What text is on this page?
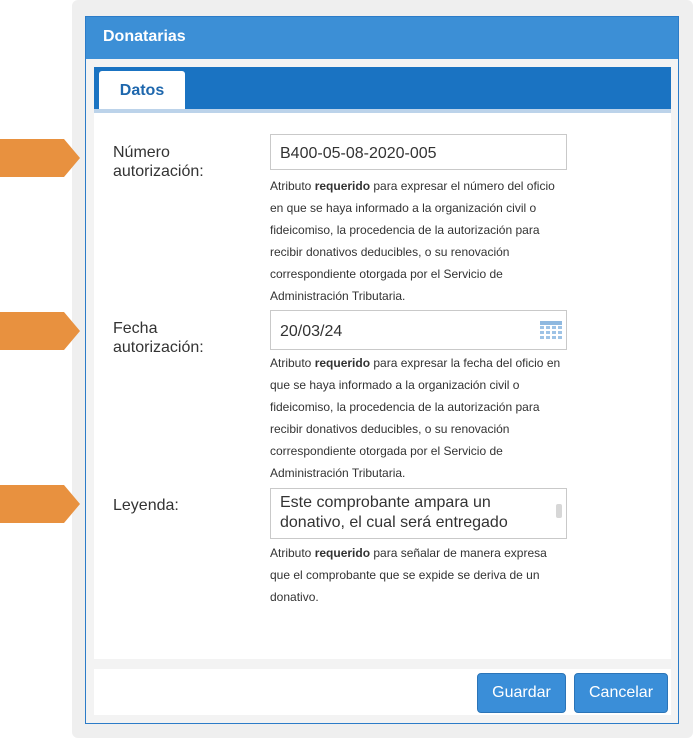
Donatarias
Datos
Número
autorización:
B400-05-08-2020-005
Atributo requerido para expresar el número del oficio en que se haya informado a la organización civil o fideicomiso, la procedencia de la autorización para recibir donativos deducibles, o su renovación correspondiente otorgada por el Servicio de Administración Tributaria.
Fecha
autorización:
20/03/24
Atributo requerido para expresar la fecha del oficio en que se haya informado a la organización civil o fideicomiso, la procedencia de la autorización para recibir donativos deducibles, o su renovación correspondiente otorgada por el Servicio de Administración Tributaria.
Leyenda:	Este comprobante ampara un donativo, el cual será entregado
Atributo requerido para señalar de manera expresa que el comprobante que se expide se deriva de un donativo.
Guardar	Cancelar
